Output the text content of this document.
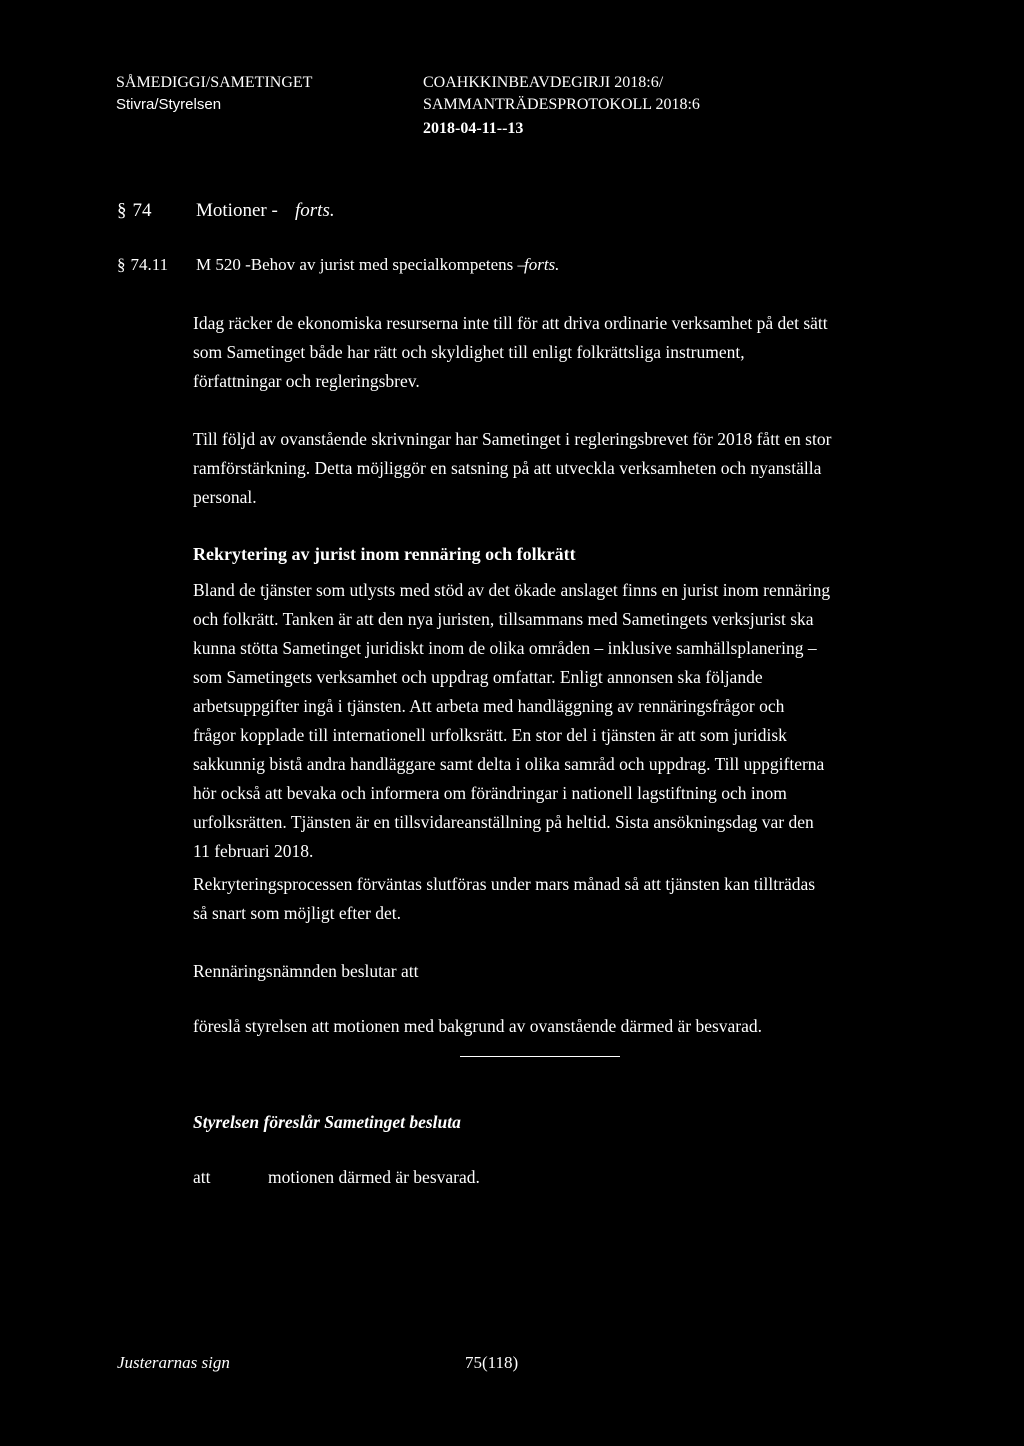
SÅMEDIGGI/SAMETINGET
Stivra/Styrelsen
COAHKKINBEAVDEGIRJI 2018:6/
SAMMANTRÄDESPROTOKOLL 2018:6
2018-04-11--13
§ 74 Motioner - forts.
§ 74.11 M 520 -Behov av jurist med specialkompetens –
forts.
Idag räcker de ekonomiska resurserna inte till för att driva ordinarie verksamhet på det sätt
som Sametinget både har rätt och skyldighet till enligt folkrättsliga instrument,
författningar och regleringsbrev.
Till följd av ovanstående skrivningar har Sametinget i regleringsbrevet för 2018 fått en stor
ramförstärkning. Detta möjliggör en satsning på att utveckla verksamheten och nyanställa
personal.
Rekrytering av jurist inom rennäring och folkrätt
Bland de tjänster som utlysts med stöd av det ökade anslaget finns en jurist inom rennäring
och folkrätt. Tanken är att den nya juristen, tillsammans med Sametingets verksjurist ska
kunna stötta Sametinget juridiskt inom de olika områden – inklusive samhällsplanering –
som Sametingets verksamhet och uppdrag omfattar. Enligt annonsen ska följande
arbetsuppgifter ingå i tjänsten. Att arbeta med handläggning av rennäringsfrågor och
frågor kopplade till internationell urfolksrätt. En stor del i tjänsten är att som juridisk
sakkunnig bistå andra handläggare samt delta i olika samråd och uppdrag. Till uppgifterna
hör också att bevaka och informera om förändringar i nationell lagstiftning och inom
urfolksrätten. Tjänsten är en tillsvidareanställning på heltid. Sista ansökningsdag var den
11 februari 2018.
Rekryteringsprocessen förväntas slutföras under mars månad så att tjänsten kan tillträdas
så snart som möjligt efter det.
Rennäringsnämnden beslutar att
föreslå styrelsen att motionen med bakgrund av ovanstående därmed är besvarad.
Styrelsen föreslår Sametinget besluta
att	motionen därmed är besvarad.
Justerarnas sign	75(118)
